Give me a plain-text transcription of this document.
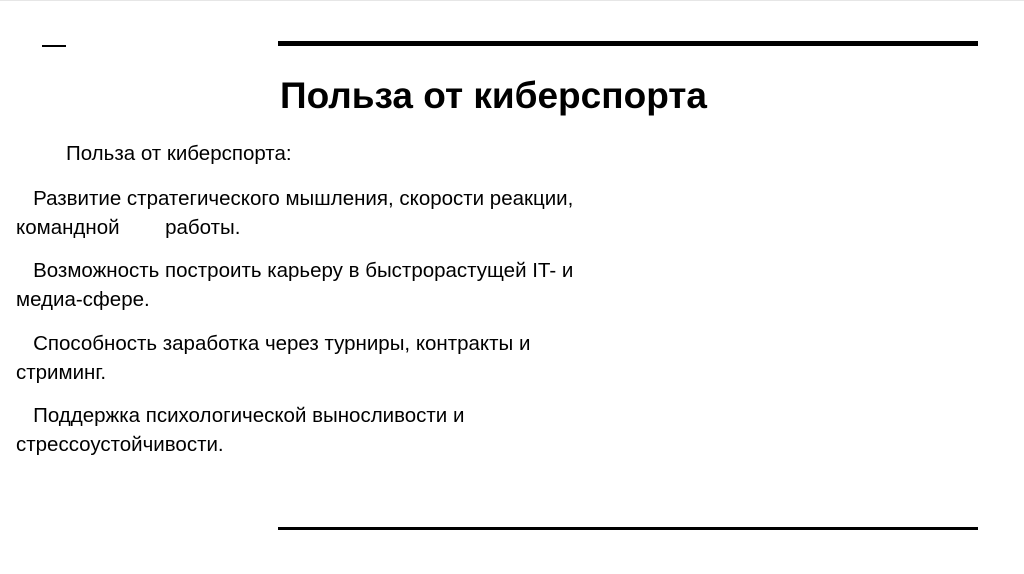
Польза от киберспорта

Польза от киберспорта:

Развитие стратегического мышления, скорости реакции,
командной        работы.

Возможность построить карьеру в быстрорастущей IT- и
медиа-сфере.

Способность заработка через турниры, контракты и
стриминг.

Поддержка психологической выносливости и
стрессоустойчивости.
